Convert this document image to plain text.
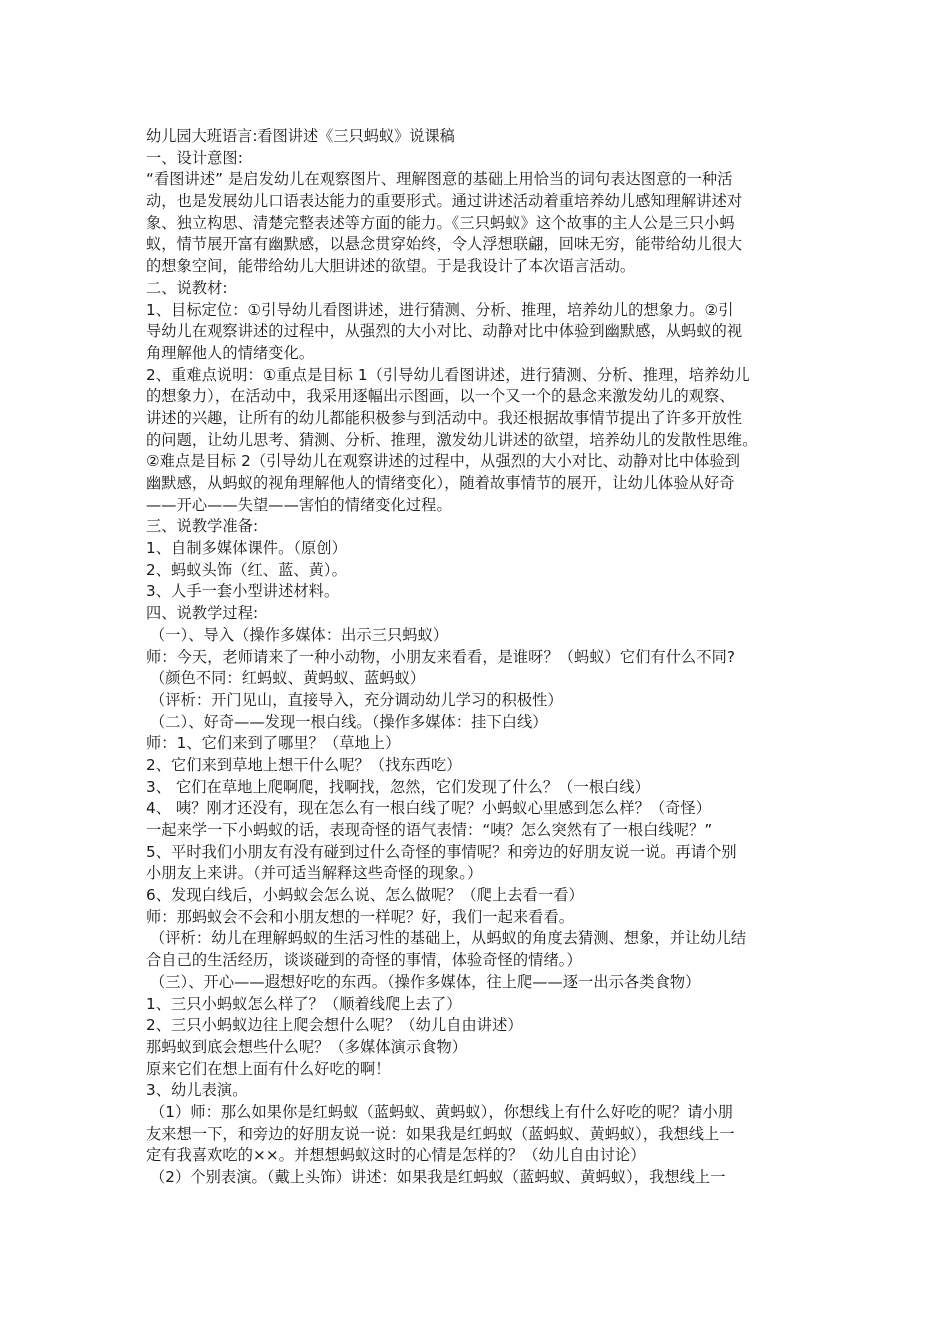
幼儿园大班语言:看图讲述《三只蚂蚁》说课稿
一、设计意图:
“看图讲述” 是启发幼儿在观察图片、理解图意的基础上用恰当的词句表达图意的一种活
动，也是发展幼儿口语表达能力的重要形式。通过讲述活动着重培养幼儿感知理解讲述对
象、独立构思、清楚完整表述等方面的能力。《三只蚂蚁》这个故事的主人公是三只小蚂
蚁，情节展开富有幽默感，以悬念贯穿始终，令人浮想联翩，回味无穷，能带给幼儿很大
的想象空间，能带给幼儿大胆讲述的欲望。于是我设计了本次语言活动。
二、说教材:
1、目标定位：①引导幼儿看图讲述，进行猜测、分析、推理，培养幼儿的想象力。②引
导幼儿在观察讲述的过程中，从强烈的大小对比、动静对比中体验到幽默感，从蚂蚁的视
角理解他人的情绪变化。
2、重难点说明：①重点是目标 1（引导幼儿看图讲述，进行猜测、分析、推理，培养幼儿
的想象力），在活动中，我采用逐幅出示图画，以一个又一个的悬念来激发幼儿的观察、
讲述的兴趣，让所有的幼儿都能积极参与到活动中。我还根据故事情节提出了许多开放性
的问题，让幼儿思考、猜测、分析、推理，激发幼儿讲述的欲望，培养幼儿的发散性思维。
②难点是目标 2（引导幼儿在观察讲述的过程中，从强烈的大小对比、动静对比中体验到
幽默感，从蚂蚁的视角理解他人的情绪变化），随着故事情节的展开，让幼儿体验从好奇
——开心——失望——害怕的情绪变化过程。
三、说教学准备:
1、自制多媒体课件。（原创）
2、蚂蚁头饰（红、蓝、黄）。
3、人手一套小型讲述材料。
四、说教学过程:
（一）、导入（操作多媒体：出示三只蚂蚁）
师：今天，老师请来了一种小动物，小朋友来看看，是谁呀？（蚂蚁）它们有什么不同?
（颜色不同：红蚂蚁、黄蚂蚁、蓝蚂蚁）
（评析：开门见山，直接导入，充分调动幼儿学习的积极性）
（二）、好奇——发现一根白线。（操作多媒体：挂下白线）
师：1、它们来到了哪里？（草地上）
2、它们来到草地上想干什么呢？（找东西吃）
3、 它们在草地上爬啊爬，找啊找，忽然，它们发现了什么？（一根白线）
4、 咦？刚才还没有，现在怎么有一根白线了呢？小蚂蚁心里感到怎么样？（奇怪）
一起来学一下小蚂蚁的话，表现奇怪的语气表情：“咦？怎么突然有了一根白线呢？”
5、平时我们小朋友有没有碰到过什么奇怪的事情呢？和旁边的好朋友说一说。再请个别
小朋友上来讲。（并可适当解释这些奇怪的现象。）
6、发现白线后，小蚂蚁会怎么说、怎么做呢？（爬上去看一看）
师：那蚂蚁会不会和小朋友想的一样呢？好，我们一起来看看。
（评析：幼儿在理解蚂蚁的生活习性的基础上，从蚂蚁的角度去猜测、想象，并让幼儿结
合自己的生活经历，谈谈碰到的奇怪的事情，体验奇怪的情绪。）
（三）、开心——遐想好吃的东西。（操作多媒体，往上爬——逐一出示各类食物）
1、三只小蚂蚁怎么样了？（顺着线爬上去了）
2、三只小蚂蚁边往上爬会想什么呢？（幼儿自由讲述）
那蚂蚁到底会想些什么呢？（多媒体演示食物）
原来它们在想上面有什么好吃的啊！
3、幼儿表演。
（1）师：那么如果你是红蚂蚁（蓝蚂蚁、黄蚂蚁），你想线上有什么好吃的呢？请小朋
友来想一下，和旁边的好朋友说一说：如果我是红蚂蚁（蓝蚂蚁、黄蚂蚁），我想线上一
定有我喜欢吃的××。并想想蚂蚁这时的心情是怎样的？（幼儿自由讨论）
（2）个别表演。（戴上头饰）讲述：如果我是红蚂蚁（蓝蚂蚁、黄蚂蚁），我想线上一
